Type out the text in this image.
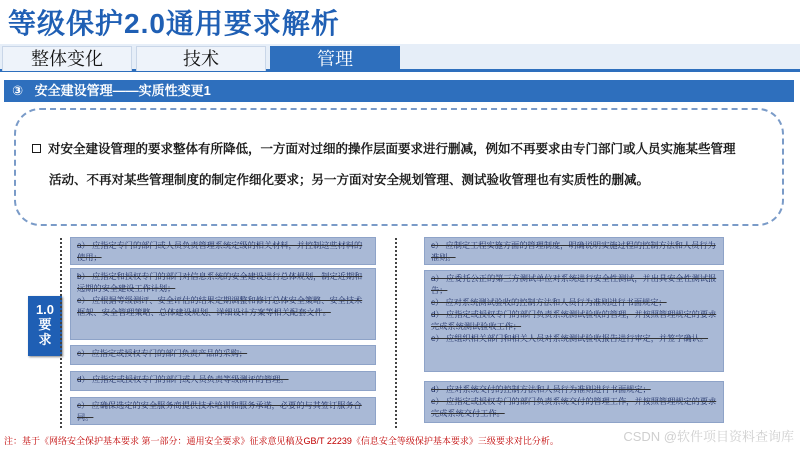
等级保护2.0通用要求解析
整体变化	技术	管理
③ 安全建设管理——实质性变更1
对安全建设管理的要求整体有所降低，一方面对过细的操作层面要求进行删减，例如不再要求由专门部门或人员实施某些管理
活动、不再对某些管理制度的制定作细化要求；另一方面对安全规划管理、测试验收管理也有实质性的删减。
1.0
要
求

a） 应指定专门的部门或人员负责管理系统定级的相关材料，并控制这些材料的使用；

b） 应指定和授权专门的部门对信息系统的安全建设进行总体规划，制定近期和远期的安全建设工作计划；
e） 应根据等级测评、安全评估的结果定期调整和修订总体安全策略、安全技术框架、安全管理策略、总体建设规划、详细设计方案等相关配套文件。

c） 应指定或授权专门的部门负责产品的采购；

d） 应指定或授权专门的部门或人员负责等级测评的管理。

c） 应确保选定的安全服务商提供技术培训和服务承诺，必要的与其签订服务合同。

c） 应制定工程实施方面的管理制度，明确说明实施过程的控制方法和人员行为准则。

a） 应委托公正的第三方测试单位对系统进行安全性测试，并出具安全性测试报告；
c） 应对系统测试验收的控制方法和人员行为准则进行书面规定；
d） 应指定或授权专门的部门负责系统测试验收的管理，并按照管理规定的要求完成系统测试验收工作；
e） 应组织相关部门和相关人员对系统测试验收报告进行审定，并签字确认。

d） 应对系统交付的控制方法和人员行为准则进行书面规定；
e） 应指定或授权专门的部门负责系统交付的管理工作，并按照管理规定的要求完成系统交付工作。

注：基于《网络安全保护基本要求 第一部分：通用安全要求》征求意见稿及GB/T 22239《信息安全等级保护基本要求》三级要求对比分析。	CSDN @软件项目资料查询库
